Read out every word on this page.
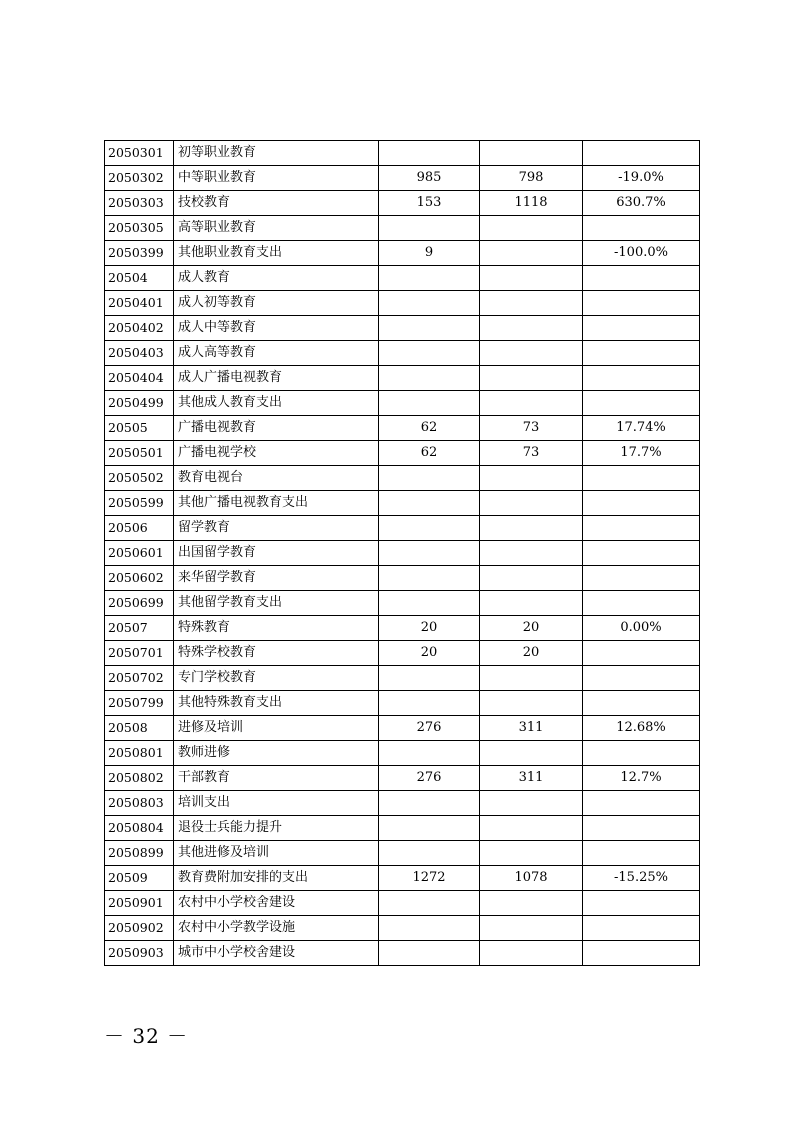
2050301	初等职业教育			
2050302	中等职业教育	985	798	-19.0%
2050303	技校教育	153	1118	630.7%
2050305	高等职业教育			
2050399	其他职业教育支出	9		-100.0%
20504	成人教育			
2050401	成人初等教育			
2050402	成人中等教育			
2050403	成人高等教育			
2050404	成人广播电视教育			
2050499	其他成人教育支出			
20505	广播电视教育	62	73	17.74%
2050501	广播电视学校	62	73	17.7%
2050502	教育电视台			
2050599	其他广播电视教育支出			
20506	留学教育			
2050601	出国留学教育			
2050602	来华留学教育			
2050699	其他留学教育支出			
20507	特殊教育	20	20	0.00%
2050701	特殊学校教育	20	20	
2050702	专门学校教育			
2050799	其他特殊教育支出			
20508	进修及培训	276	311	12.68%
2050801	教师进修			
2050802	干部教育	276	311	12.7%
2050803	培训支出			
2050804	退役士兵能力提升			
2050899	其他进修及培训			
20509	教育费附加安排的支出	1272	1078	-15.25%
2050901	农村中小学校舍建设			
2050902	农村中小学教学设施			
2050903	城市中小学校舍建设			
－ 32 －
